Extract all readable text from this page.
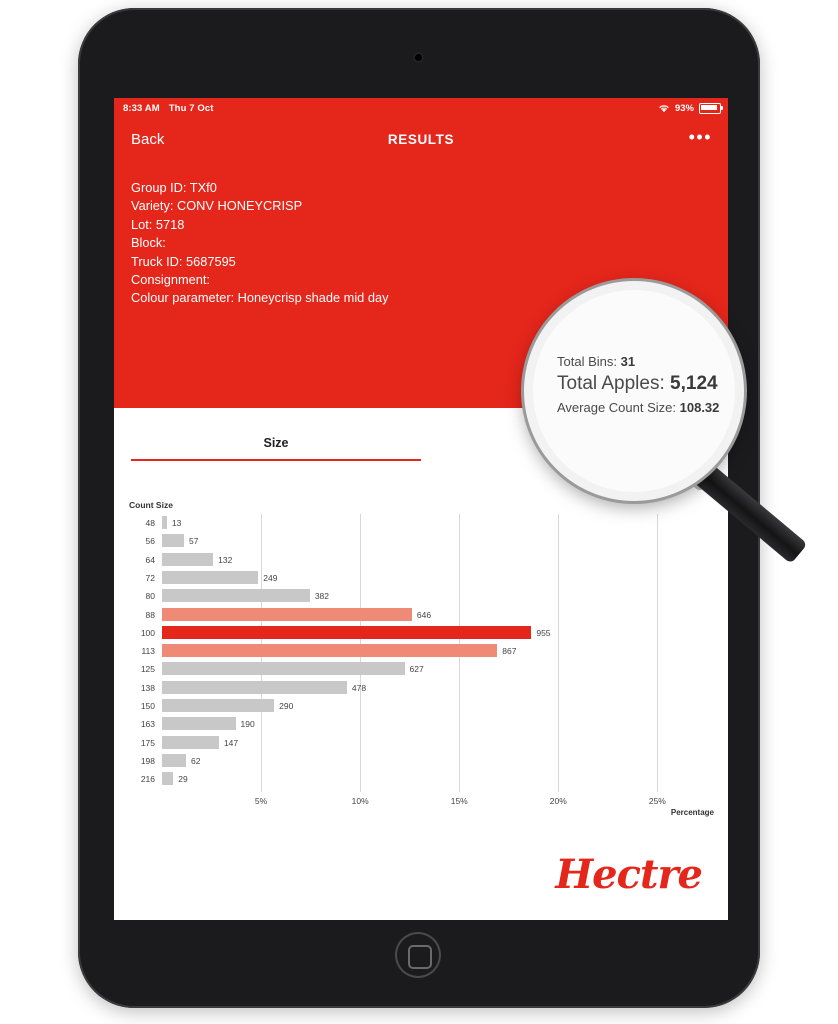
8:33 AM Thu 7 Oct	93%
Back	RESULTS	•••
Group ID: TXf0
Variety: CONV HONEYCRISP
Lot: 5718
Block:
Truck ID: 5687595
Consignment:
Colour parameter: Honeycrisp shade mid day
Size
Count Size
48 13
56	57
64	132
72	249
80	382
88	646
100	955
113	867
125	627
138	478
150	290
163	190
175	147
198	62
216	29
5%	10%	15%	20%	25%
Percentage
Hectre
Total Bins: 31
Total Apples: 5,124
Average Count Size: 108.32
